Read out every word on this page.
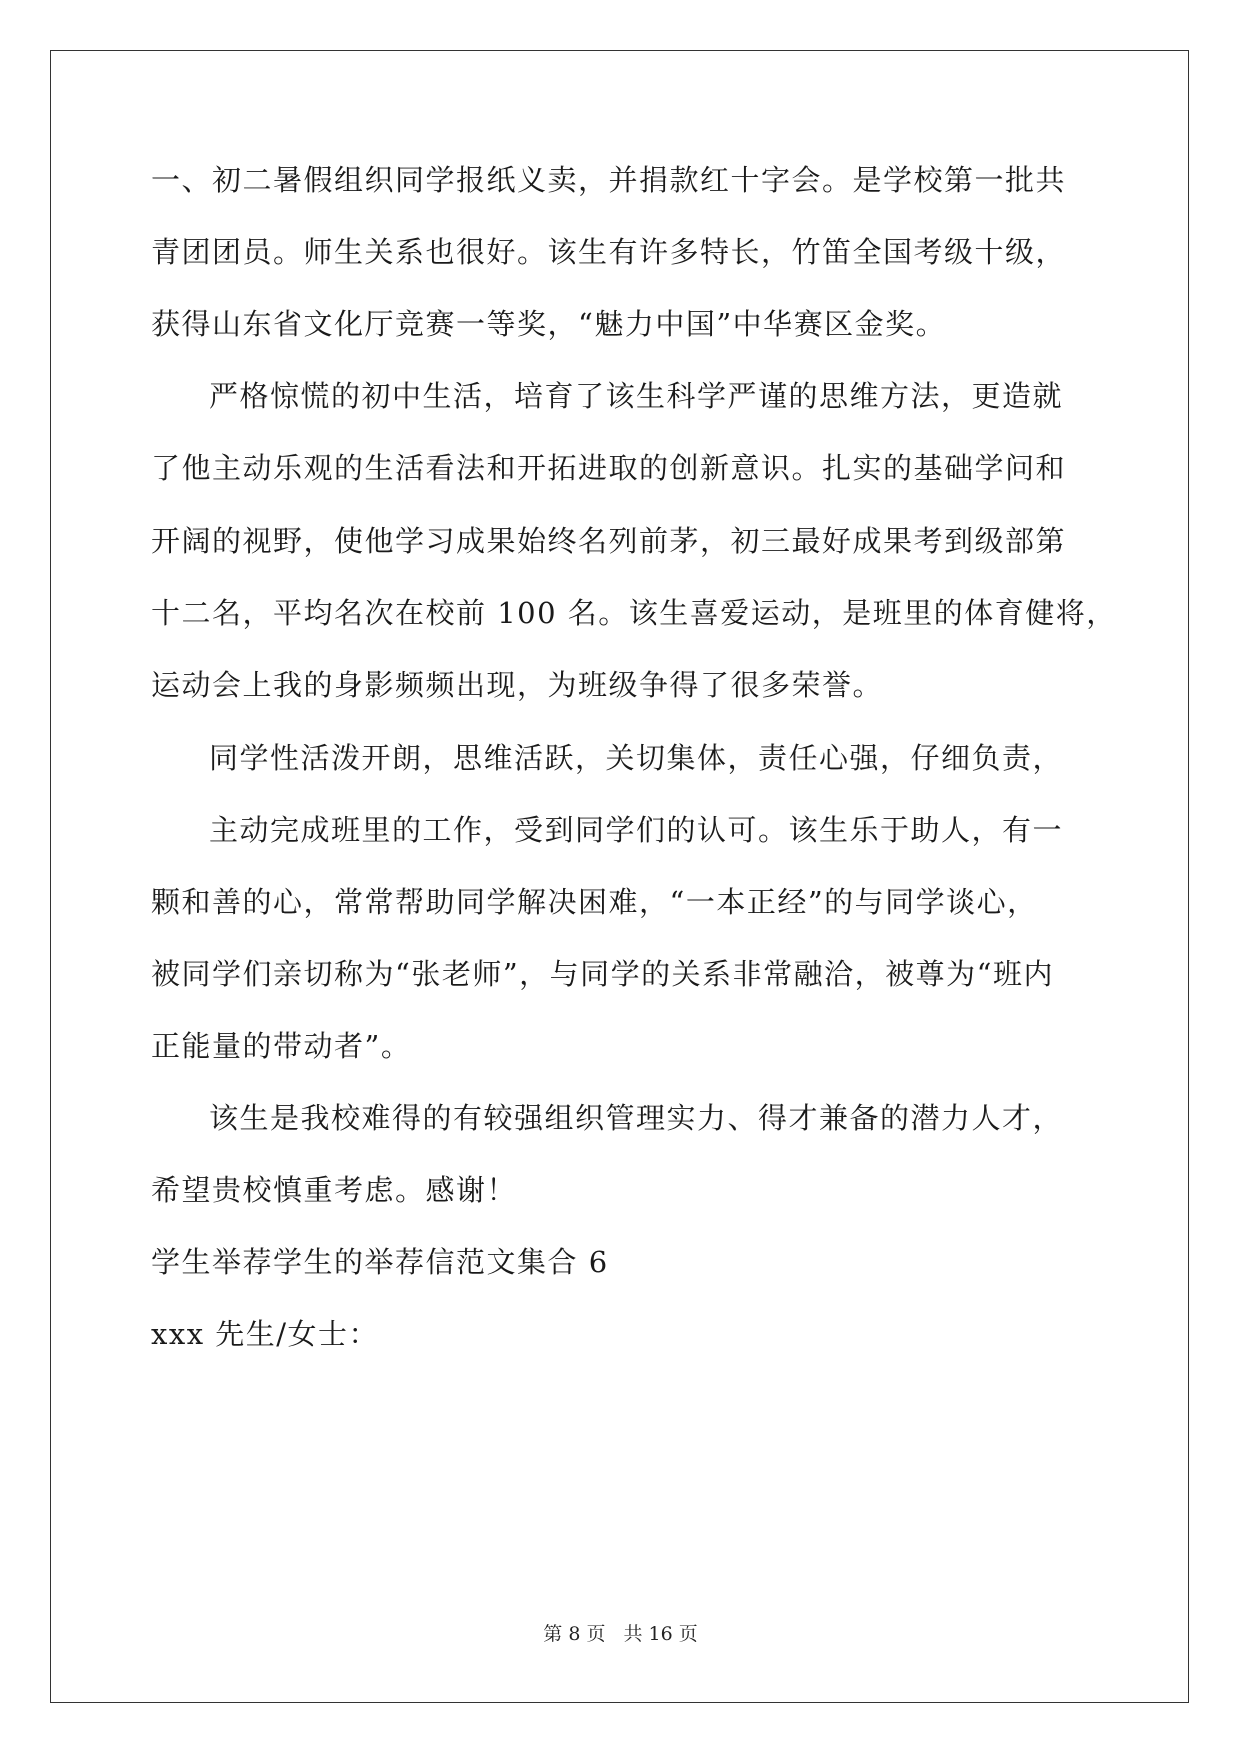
一、初二暑假组织同学报纸义卖，并捐款红十字会。是学校第一批共
青团团员。师生关系也很好。该生有许多特长，竹笛全国考级十级，
获得山东省文化厅竞赛一等奖，“魅力中国”中华赛区金奖。
严格惊慌的初中生活，培育了该生科学严谨的思维方法，更造就
了他主动乐观的生活看法和开拓进取的创新意识。扎实的基础学问和
开阔的视野，使他学习成果始终名列前茅，初三最好成果考到级部第
十二名，平均名次在校前 100 名。该生喜爱运动，是班里的体育健将，
运动会上我的身影频频出现，为班级争得了很多荣誉。
同学性活泼开朗，思维活跃，关切集体，责任心强，仔细负责，
主动完成班里的工作，受到同学们的认可。该生乐于助人，有一
颗和善的心，常常帮助同学解决困难，“一本正经”的与同学谈心，
被同学们亲切称为“张老师”，与同学的关系非常融洽，被尊为“班内
正能量的带动者”。
该生是我校难得的有较强组织管理实力、得才兼备的潜力人才，
希望贵校慎重考虑。感谢！
学生举荐学生的举荐信范文集合 6
xxx 先生/女士：
第 8 页 共 16 页
